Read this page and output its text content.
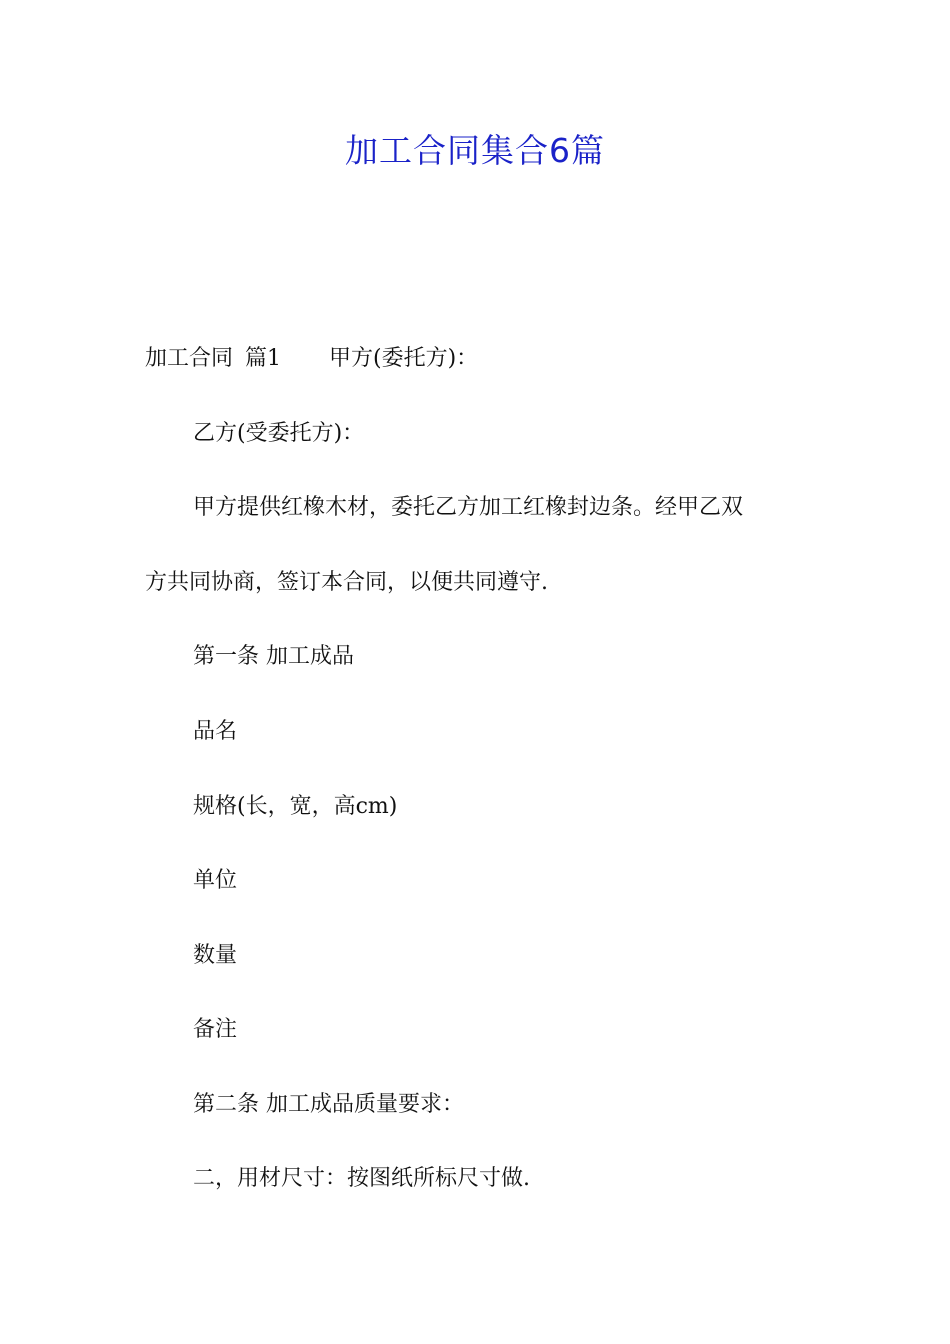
加工合同集合6篇
加工合同 篇1 甲方(委托方)：
乙方(受委托方)：
甲方提供红橡木材，委托乙方加工红橡封边条。经甲乙双
方共同协商，签订本合同，以便共同遵守.
第一条 加工成品
品名
规格(长，宽，高cm)
单位
数量
备注
第二条 加工成品质量要求：
二，用材尺寸：按图纸所标尺寸做.
